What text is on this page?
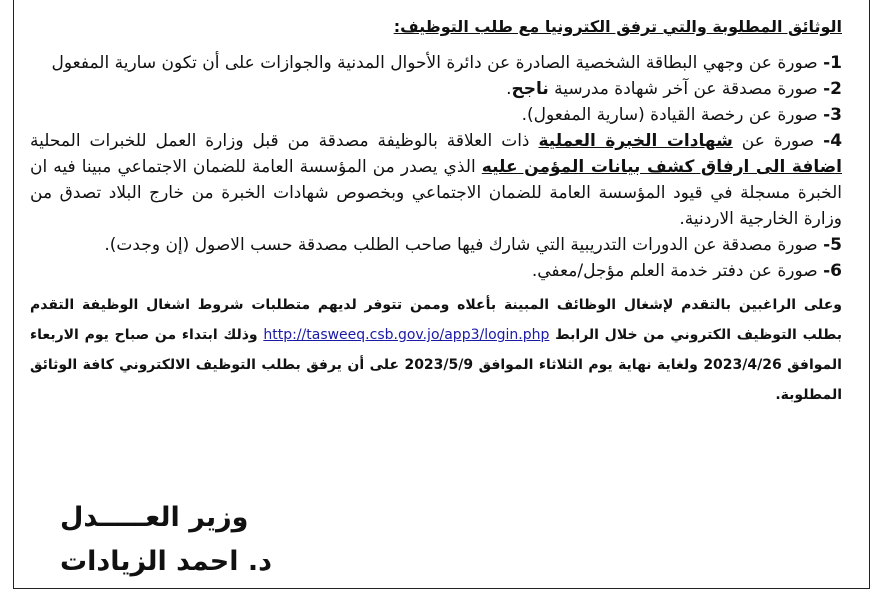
الوثائق المطلوبة والتي ترفق الكترونيا مع طلب التوظيف:

1- صورة عن وجهي البطاقة الشخصية الصادرة عن دائرة الأحوال المدنية والجوازات على أن تكون سارية المفعول

2- صورة مصدقة عن آخر شهادة مدرسية ناجح.

3- صورة عن رخصة القيادة (سارية المفعول).

4- صورة عن شهادات الخبرة العملية ذات العلاقة بالوظيفة مصدقة من قبل وزارة العمل للخبرات المحلية اضافة الى ارفاق كشف بيانات المؤمن عليه الذي يصدر من المؤسسة العامة للضمان الاجتماعي مبينا فيه ان الخبرة مسجلة في قيود المؤسسة العامة للضمان الاجتماعي وبخصوص شهادات الخبرة من خارج البلاد تصدق من وزارة الخارجية الاردنية.

5- صورة مصدقة عن الدورات التدريبية التي شارك فيها صاحب الطلب مصدقة حسب الاصول (إن وجدت).

6- صورة عن دفتر خدمة العلم مؤجل/معفي.

وعلى الراغبين بالتقدم لإشغال الوظائف المبينة بأعلاه وممن تتوفر لديهم متطلبات شروط اشغال الوظيفة التقدم بطلب التوظيف الكتروني من خلال الرابط http://tasweeq.csb.gov.jo/app3/login.php وذلك ابتداء من صباح يوم الاربعاء الموافق 2023/4/26 ولغاية نهاية يوم الثلاثاء الموافق 2023/5/9 على أن يرفق بطلب التوظيف الالكتروني كافة الوثائق المطلوبة.

وزير العـــــدل
د. احمد الزيادات
